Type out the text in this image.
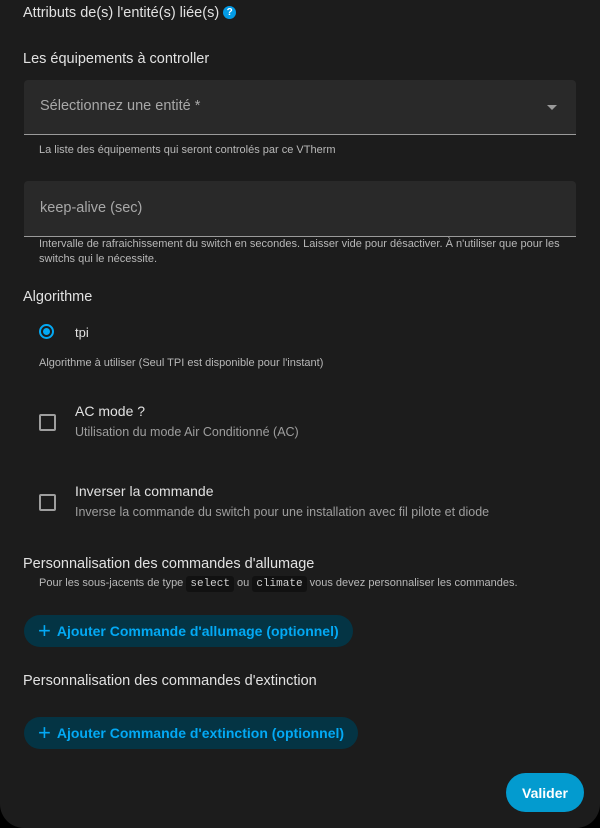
Attributs de(s) l'entité(s) liée(s) ?
Les équipements à controller
Sélectionnez une entité *
La liste des équipements qui seront controlés par ce VTherm
keep-alive (sec)
Intervalle de rafraichissement du switch en secondes. Laisser vide pour désactiver. À n'utiliser que pour les switchs qui le nécessite.
Algorithme
tpi
Algorithme à utiliser (Seul TPI est disponible pour l'instant)
AC mode ?
Utilisation du mode Air Conditionné (AC)
Inverser la commande
Inverse la commande du switch pour une installation avec fil pilote et diode
Personnalisation des commandes d'allumage
Pour les sous-jacents de type select ou climate vous devez personnaliser les commandes.
+ Ajouter Commande d'allumage (optionnel)
Personnalisation des commandes d'extinction
+ Ajouter Commande d'extinction (optionnel)
Valider
